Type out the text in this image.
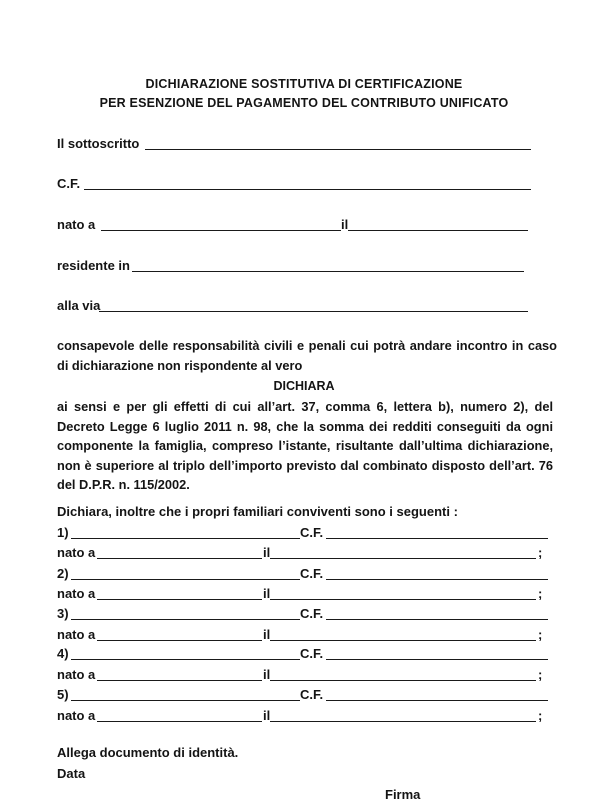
DICHIARAZIONE SOSTITUTIVA DI CERTIFICAZIONE
PER ESENZIONE DEL PAGAMENTO DEL CONTRIBUTO UNIFICATO
Il sottoscritto
C.F.
nato a	il
residente in
alla via
consapevole delle responsabilità civili e penali cui potrà andare incontro in caso di dichiarazione non rispondente al vero
DICHIARA
ai sensi e per gli effetti di cui all’art. 37, comma 6, lettera b), numero 2), del Decreto Legge 6 luglio 2011 n. 98, che la somma dei redditi conseguiti da ogni componente la famiglia, compreso l’istante, risultante dall’ultima dichiarazione, non è superiore al triplo dell’importo previsto dal combinato disposto dell’art. 76 del D.P.R. n. 115/2002.
Dichiara, inoltre che i propri familiari conviventi sono i seguenti :
1)	C.F.
nato a	il	;
2)	C.F.
nato a	il	;
3)	C.F.
nato a	il	;
4)	C.F.
nato a	il	;
5)	C.F.
nato a	il	;
Allega documento di identità.
Data
Firma
